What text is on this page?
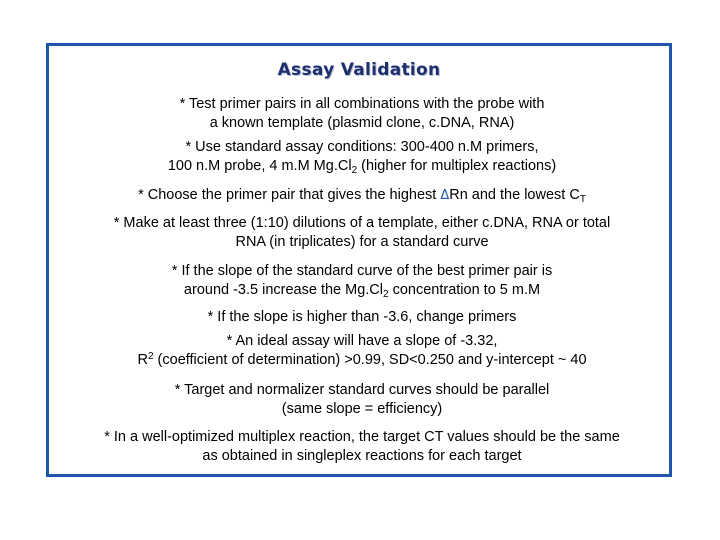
Assay Validation
* Test primer pairs in all combinations with the probe with
a known template (plasmid clone, c.DNA, RNA)
* Use standard assay conditions: 300-400 n.M primers,
100 n.M probe, 4 m.M $Mg.Cl_2$ (higher for multiplex reactions)
* Choose the primer pair that gives the highest ΔRn and the lowest $C_T$
* Make at least three (1:10) dilutions of a template, either c.DNA, RNA or total
RNA (in triplicates) for a standard curve
* If the slope of the standard curve of the best primer pair is
around -3.5 increase the $Mg.Cl_2$ concentration to 5 m.M
* If the slope is higher than -3.6, change primers
* An ideal assay will have a slope of -3.32,
$R^2$ (coefficient of determination) >0.99, SD<0.250 and y-intercept ~ 40
* Target and normalizer standard curves should be parallel
(same slope = efficiency)
* In a well-optimized multiplex reaction, the target CT values should be the same
as obtained in singleplex reactions for each target
